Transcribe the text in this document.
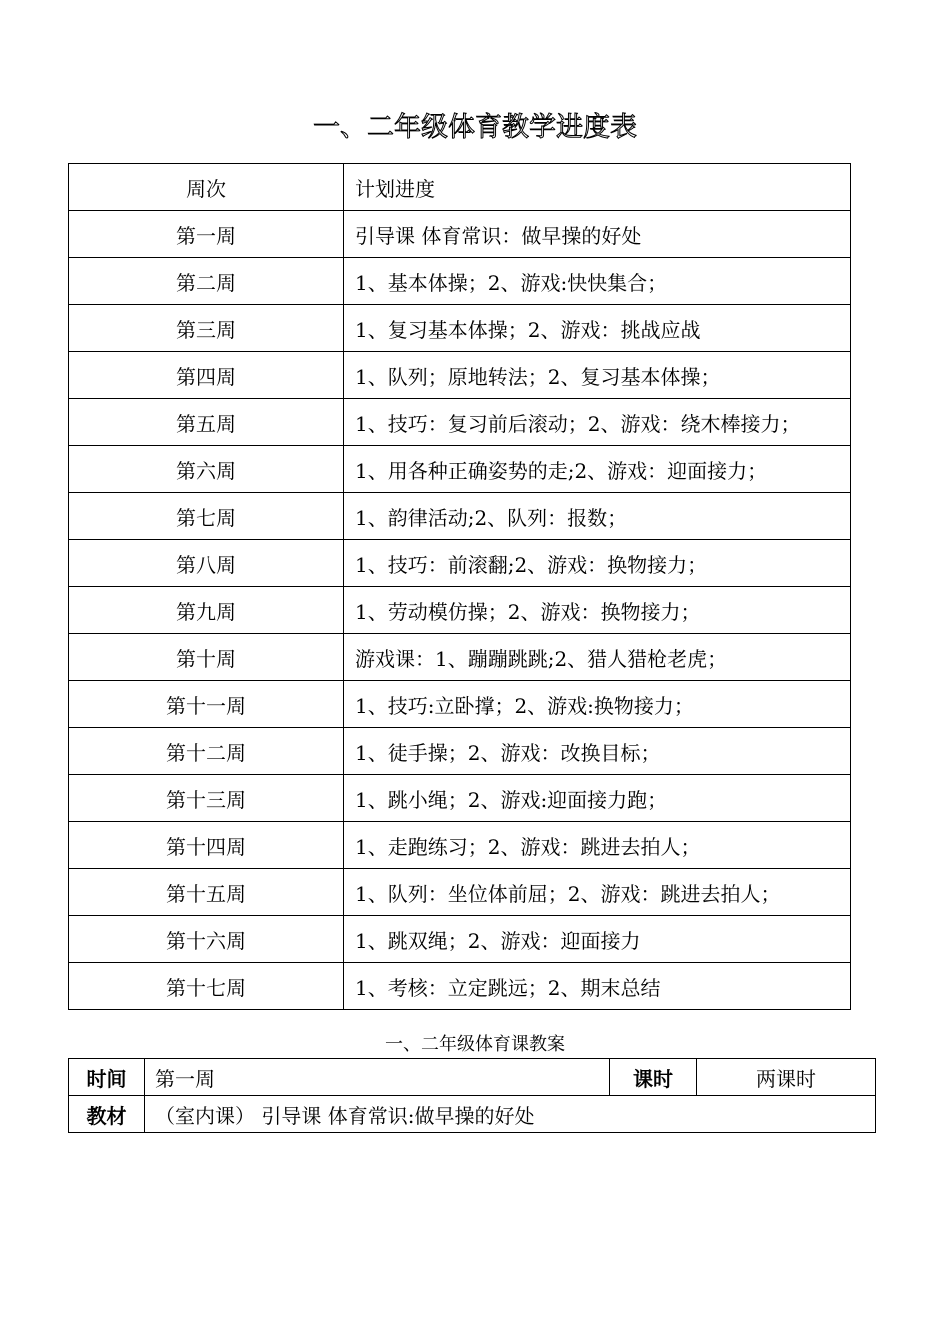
一、二年级体育教学进度表
周次	计划进度
第一周	引导课 体育常识：做早操的好处
第二周	1、基本体操；2、游戏:快快集合；
第三周	1、复习基本体操；2、游戏：挑战应战
第四周	1、队列；原地转法；2、复习基本体操；
第五周	1、技巧：复习前后滚动；2、游戏：绕木棒接力；
第六周	1、用各种正确姿势的走;2、游戏：迎面接力；
第七周	1、韵律活动;2、队列：报数；
第八周	1、技巧：前滚翻;2、游戏：换物接力；
第九周	1、劳动模仿操；2、游戏：换物接力；
第十周	游戏课：1、蹦蹦跳跳;2、猎人猎枪老虎；
第十一周	1、技巧:立卧撑；2、游戏:换物接力；
第十二周	1、徒手操；2、游戏：改换目标；
第十三周	1、跳小绳；2、游戏:迎面接力跑；
第十四周	1、走跑练习；2、游戏：跳进去拍人；
第十五周	1、队列：坐位体前屈；2、游戏：跳进去拍人；
第十六周	1、跳双绳；2、游戏：迎面接力
第十七周	1、考核：立定跳远；2、期末总结
一、二年级体育课教案
时间	第一周	课时	两课时
教材	（室内课） 引导课 体育常识:做早操的好处		
